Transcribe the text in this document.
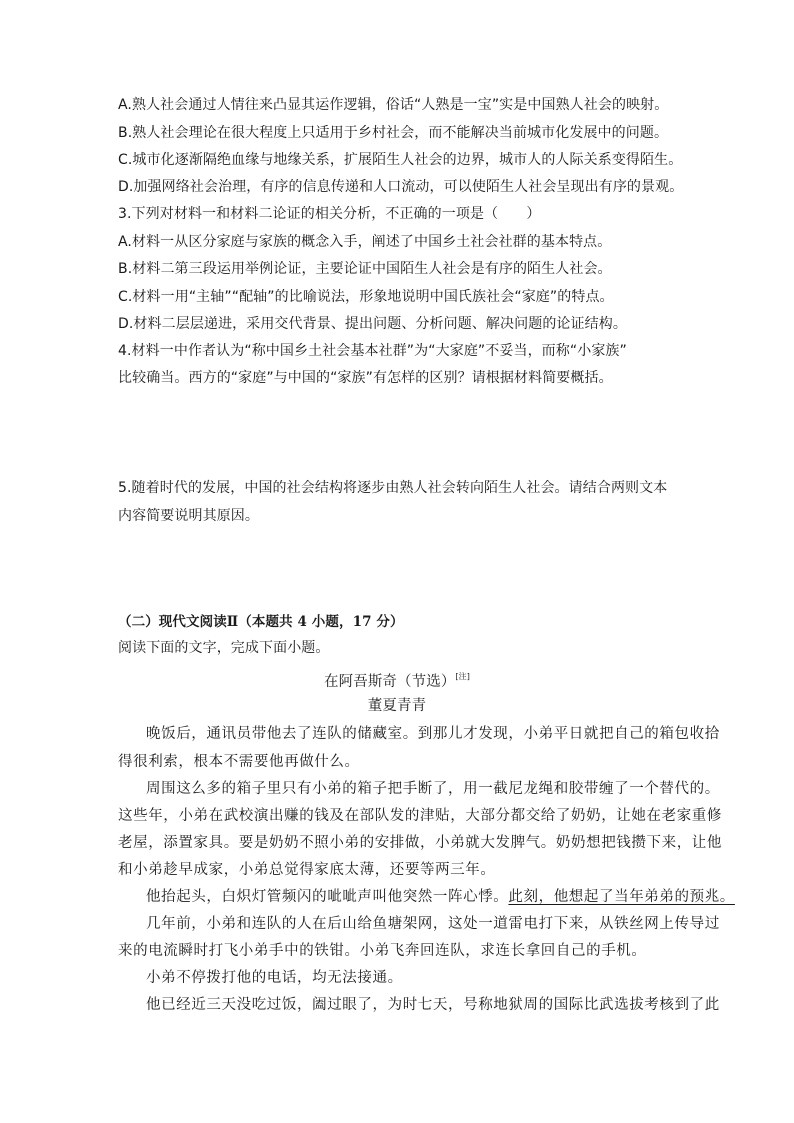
A.熟人社会通过人情往来凸显其运作逻辑，俗话“人熟是一宝”实是中国熟人社会的映射。
B.熟人社会理论在很大程度上只适用于乡村社会，而不能解决当前城市化发展中的问题。
C.城市化逐渐隔绝血缘与地缘关系，扩展陌生人社会的边界，城市人的人际关系变得陌生。
D.加强网络社会治理，有序的信息传递和人口流动，可以使陌生人社会呈现出有序的景观。
3.下列对材料一和材料二论证的相关分析，不正确的一项是（　　）
A.材料一从区分家庭与家族的概念入手，阐述了中国乡土社会社群的基本特点。
B.材料二第三段运用举例论证，主要论证中国陌生人社会是有序的陌生人社会。
C.材料一用“主轴”“配轴”的比喻说法，形象地说明中国氏族社会“家庭”的特点。
D.材料二层层递进，采用交代背景、提出问题、分析问题、解决问题的论证结构。
4.材料一中作者认为“称中国乡土社会基本社群”为“大家庭”不妥当，而称“小家族”
比较确当。西方的“家庭”与中国的“家族”有怎样的区别？请根据材料简要概括。
5.随着时代的发展，中国的社会结构将逐步由熟人社会转向陌生人社会。请结合两则文本
内容简要说明其原因。
（二）现代文阅读Ⅱ（本题共 4 小题，17 分）
阅读下面的文字，完成下面小题。
在阿吾斯奇（节选）[注]
董夏青青
晚饭后，通讯员带他去了连队的储藏室。到那儿才发现，小弟平日就把自己的箱包收拾
得很利索，根本不需要他再做什么。
周围这么多的箱子里只有小弟的箱子把手断了，用一截尼龙绳和胶带缠了一个替代的。
这些年，小弟在武校演出赚的钱及在部队发的津贴，大部分都交给了奶奶，让她在老家重修
老屋，添置家具。要是奶奶不照小弟的安排做，小弟就大发脾气。奶奶想把钱攒下来，让他
和小弟趁早成家，小弟总觉得家底太薄，还要等两三年。
他抬起头，白炽灯管频闪的呲呲声叫他突然一阵心悸。此刻，他想起了当年弟弟的预兆。
几年前，小弟和连队的人在后山给鱼塘架网，这处一道雷电打下来，从铁丝网上传导过
来的电流瞬时打飞小弟手中的铁钳。小弟飞奔回连队，求连长拿回自己的手机。
小弟不停拨打他的电话，均无法接通。
他已经近三天没吃过饭，阖过眼了，为时七天，号称地狱周的国际比武选拔考核到了此
